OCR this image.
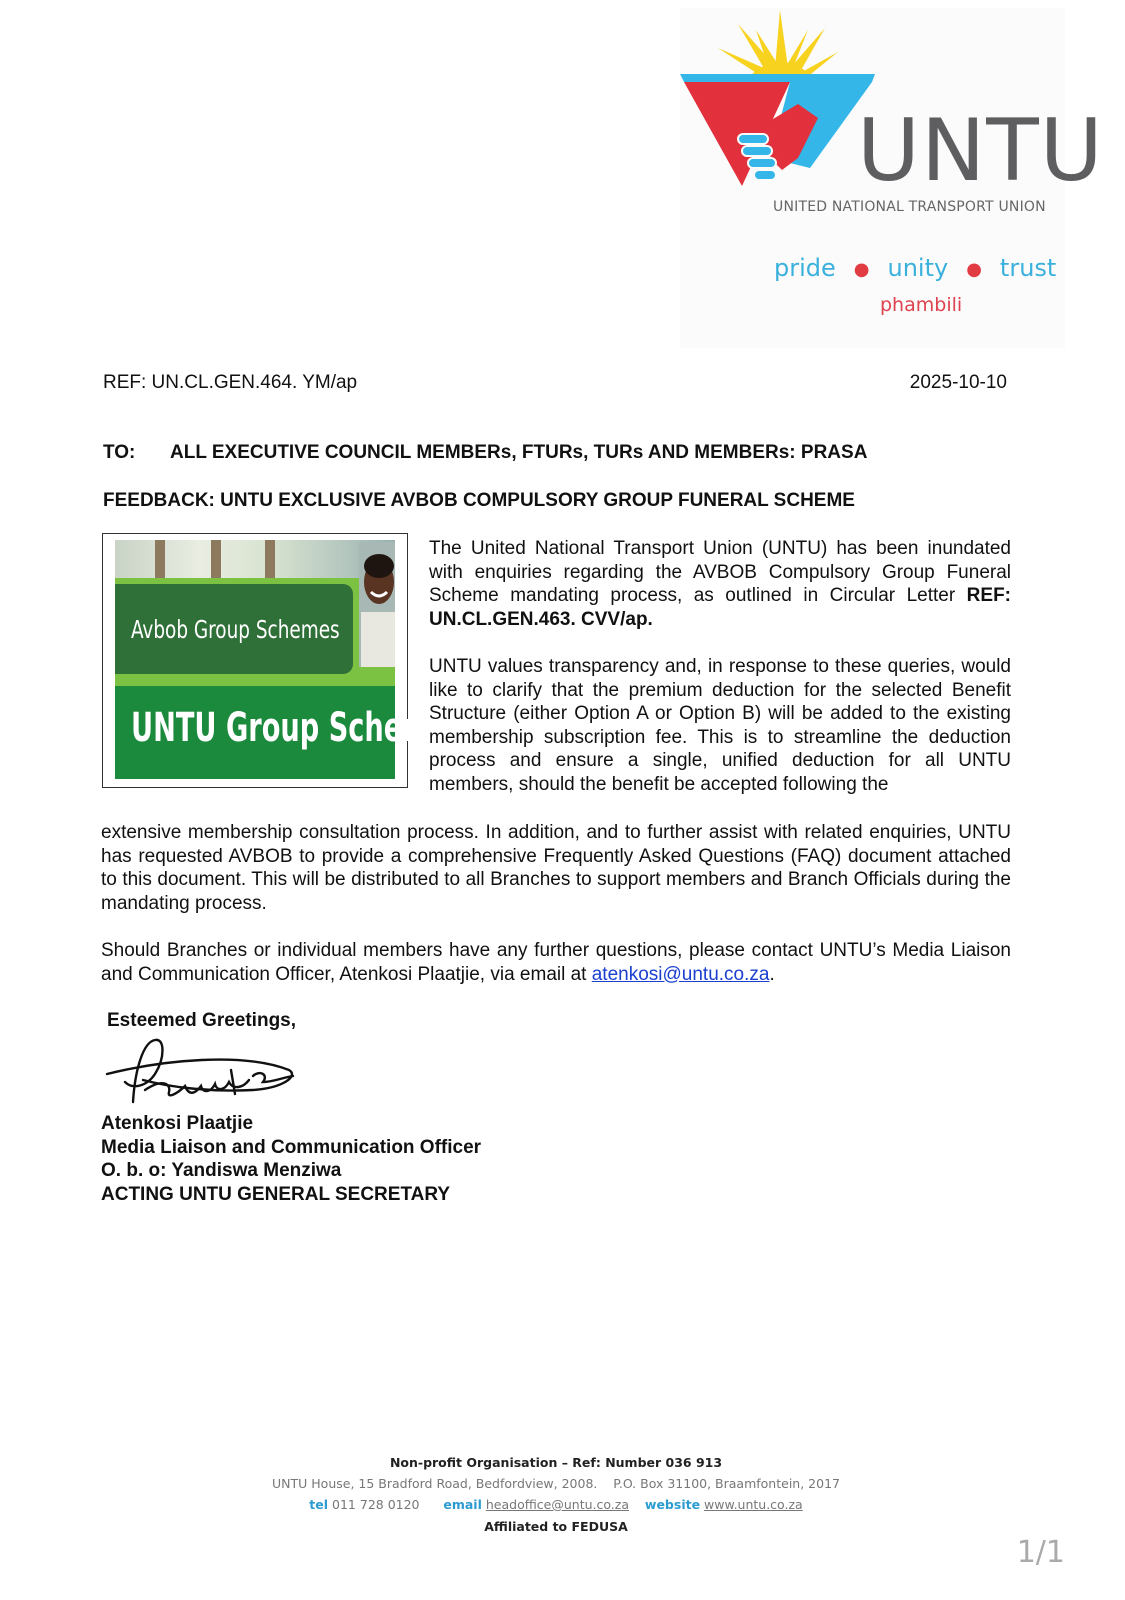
UNTU
UNITED NATIONAL TRANSPORT UNION
pride ● unity ● trust
phambili
REF: UN.CL.GEN.464. YM/ap	2025-10-10
TO: ALL EXECUTIVE COUNCIL MEMBERs, FTURs, TURs AND MEMBERs: PRASA
FEEDBACK: UNTU EXCLUSIVE AVBOB COMPULSORY GROUP FUNERAL SCHEME
Avbob Group Schemes
UNTU Group Scheme
The United National Transport Union (UNTU) has been inundated with enquiries regarding the AVBOB Compulsory Group Funeral Scheme mandating process, as outlined in Circular Letter REF: UN.CL.GEN.463. CVV/ap.
UNTU values transparency and, in response to these queries, would like to clarify that the premium deduction for the selected Benefit Structure (either Option A or Option B) will be added to the existing membership subscription fee. This is to streamline the deduction process and ensure a single, unified deduction for all UNTU members, should the benefit be accepted following the
extensive membership consultation process. In addition, and to further assist with related enquiries, UNTU has requested AVBOB to provide a comprehensive Frequently Asked Questions (FAQ) document attached to this document. This will be distributed to all Branches to support members and Branch Officials during the mandating process.
Should Branches or individual members have any further questions, please contact UNTU’s Media Liaison and Communication Officer, Atenkosi Plaatjie, via email at atenkosi@untu.co.za.
Esteemed Greetings,
Atenkosi Plaatjie
Media Liaison and Communication Officer
O. b. o: Yandiswa Menziwa
ACTING UNTU GENERAL SECRETARY
Non-profit Organisation – Ref: Number 036 913
UNTU House, 15 Bradford Road, Bedfordview, 2008.    P.O. Box 31100, Braamfontein, 2017
tel 011 728 0120 email headoffice@untu.co.za website www.untu.co.za
Affiliated to FEDUSA
1/1
